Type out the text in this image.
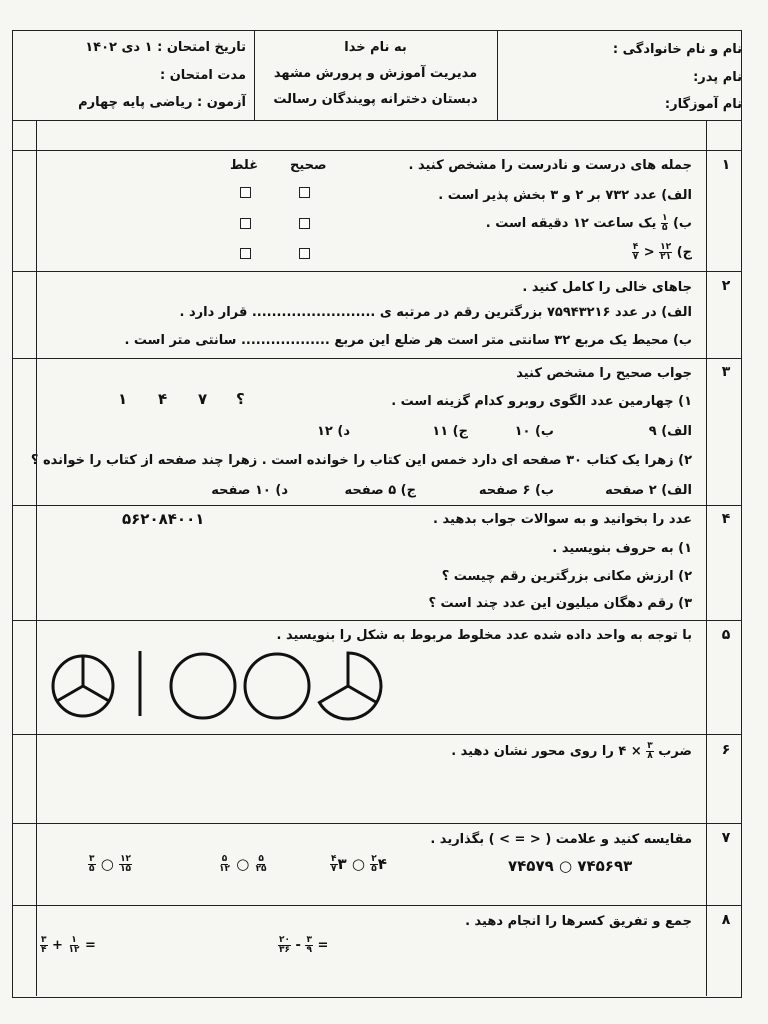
تاریخ امتحان : ۱ دی ۱۴۰۲
مدت امتحان :
آزمون : ریاضی پایه چهارم
به نام خدا
مدیریت آموزش و پرورش مشهد
دبستان دخترانه پویندگان رسالت
نام و نام خانوادگی :
نام پدر:
نام آموزگار:
۱
جمله های درست و نادرست را مشخص کنید .
صحیح
غلط
الف) عدد ۷۳۲ بر ۲ و ۳ بخش پذیر است .
ب)
$\frac{۱}{۵}$
یک ساعت ۱۲ دقیقه است .
ج)
$\frac{۱۲}{۲۱}$
<
$\frac{۴}{۷}$
۲
جاهای خالی را کامل کنید .
الف) در عدد ۷۵۹۴۳۲۱۶ بزرگترین رقم در مرتبه ی ......................... قرار دارد .
ب) محیط یک مربع ۳۲ سانتی متر است هر ضلع این مربع .................. سانتی متر است .
۳
جواب صحیح را مشخص کنید
۱) چهارمین عدد الگوی روبرو کدام گزینه است .
۱ ۴ ۷ ؟
الف) ۹
ب) ۱۰
ج) ۱۱
د) ۱۲
۲) زهرا یک کتاب ۳۰ صفحه ای دارد خمس این کتاب را خوانده است . زهرا چند صفحه از کتاب را خوانده ؟
الف) ۲ صفحه
ب) ۶ صفحه
ج) ۵ صفحه
د) ۱۰ صفحه
۴
عدد را بخوانید و به سوالات جواب بدهید .
۵۶۲۰۸۴۰۰۱
۱) به حروف بنویسید .
۲) ارزش مکانی بزرگترین رقم چیست ؟
۳) رقم دهگان میلیون این عدد چند است ؟
۵
با توجه به واحد داده شده عدد مخلوط مربوط به شکل را بنویسید .
۶
ضرب
$\frac{۳}{۸}$
× ۴ را روی محور نشان دهید .
۷
مقایسه کنید و علامت ( < = > ) بگذارید .
۷۴۵۶۹۳ ○ ۷۴۵۷۹
۴
$\frac{۲}{۵}$
○ ۳
$\frac{۴}{۷}$
$\frac{۵}{۲۵}$
○
$\frac{۵}{۱۲}$
$\frac{۱۲}{۱۵}$
○
$\frac{۳}{۵}$
۸
جمع و تفریق کسرها را انجام دهید .
$\frac{۲۰}{۳۶} - \frac{۳}{۹}$ =
$\frac{۳}{۴} + \frac{۱}{۱۲}$ =
